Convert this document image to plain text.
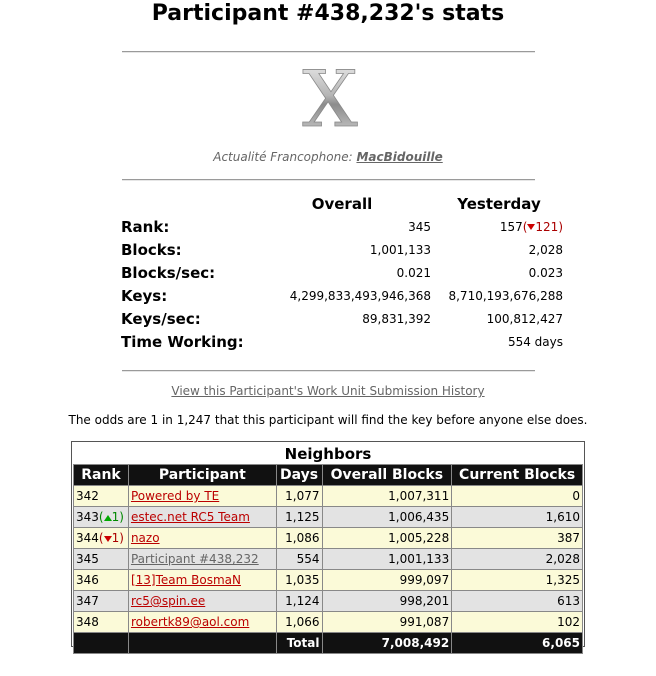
Participant #438,232's stats
X
Actualité Francophone: MacBidouille
	Overall	Yesterday
Rank:	345	157( 121)
Blocks:	1,001,133	2,028
Blocks/sec:	0.021	0.023
Keys:	4,299,833,493,946,368	8,710,193,676,288
Keys/sec:	89,831,392	100,812,427
Time Working:		554 days
View this Participant's Work Unit Submission History
The odds are 1 in 1,247 that this participant will find the key before anyone else does.
Neighbors
Rank	Participant	Days	Overall Blocks	Current Blocks
342	Powered by TE	1,077	1,007,311	0
343( 1)	estec.net RC5 Team	1,125	1,006,435	1,610
344( 1)	nazo	1,086	1,005,228	387
345	Participant #438,232	554	1,001,133	2,028
346	[13]Team BosmaN	1,035	999,097	1,325
347	rc5@spin.ee	1,124	998,201	613
348	robertk89@aol.com	1,066	991,087	102
		Total	7,008,492	6,065
